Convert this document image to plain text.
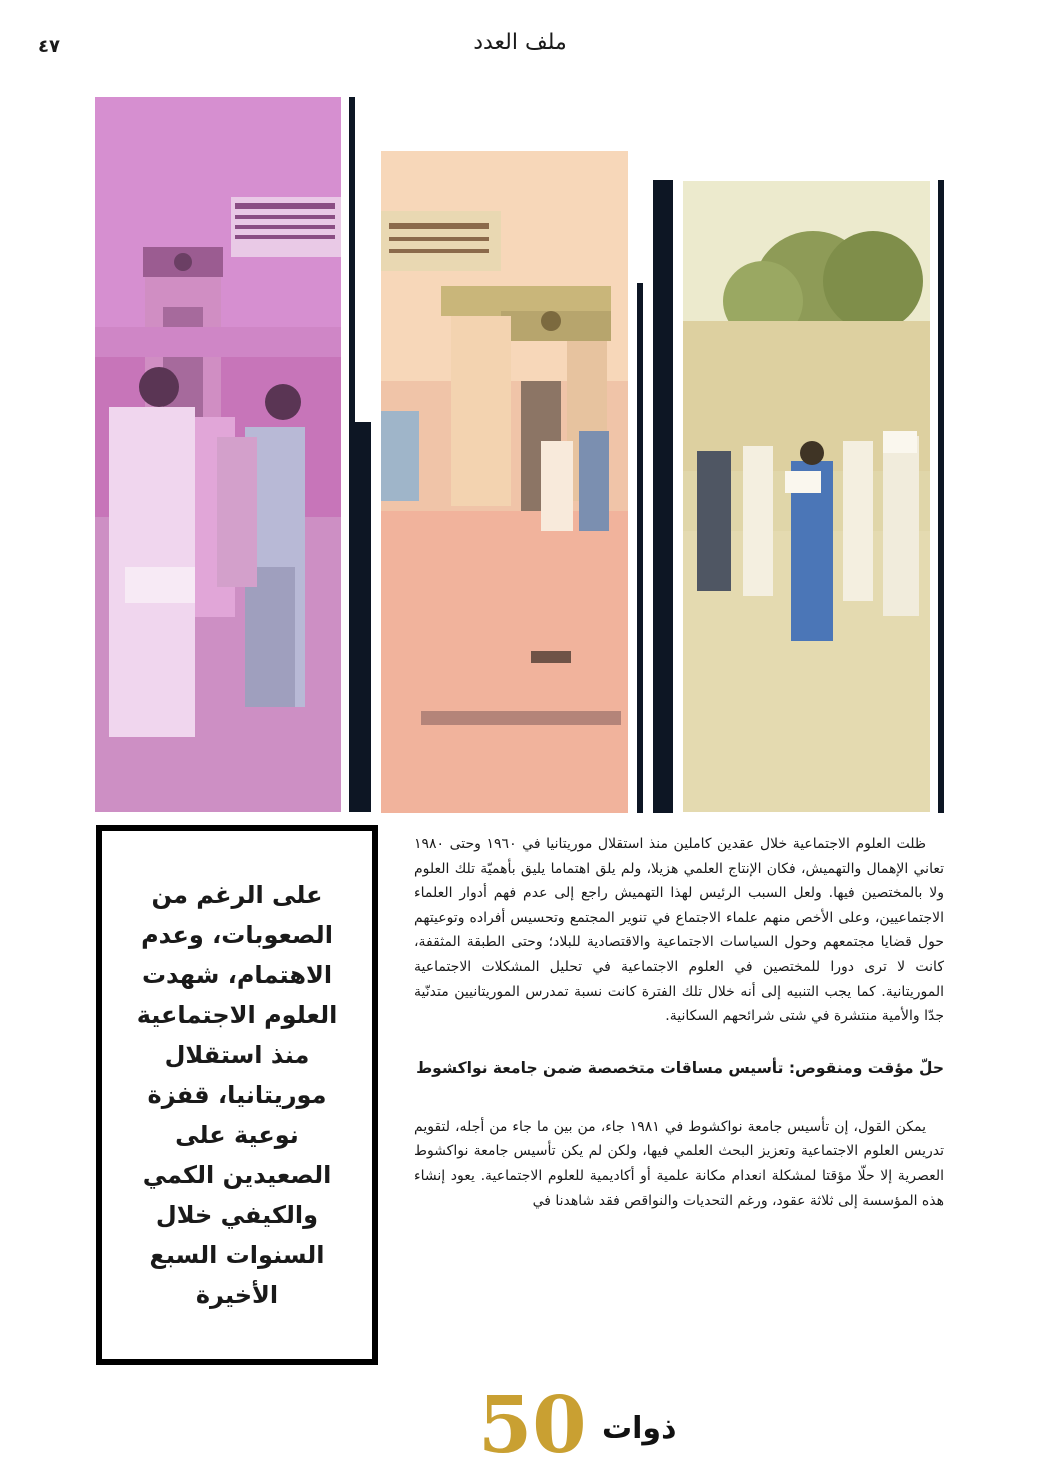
٤٧	ملف العدد
على الرغم من الصعوبات، وعدم الاهتمام، شهدت العلوم الاجتماعية منذ استقلال موريتانيا، قفزة نوعية على الصعيدين الكمي والكيفي خلال السنوات السبع الأخيرة

ظلت العلوم الاجتماعية خلال عقدين كاملين منذ استقلال موريتانيا في ١٩٦٠ وحتى ١٩٨٠ تعاني الإهمال والتهميش، فكان الإنتاج العلمي هزيلا، ولم يلق اهتماما يليق بأهميّة تلك العلوم ولا بالمختصين فيها. ولعل السبب الرئيس لهذا التهميش راجع إلى عدم فهم أدوار العلماء الاجتماعيين، وعلى الأخص منهم علماء الاجتماع في تنوير المجتمع وتحسيس أفراده وتوعيتهم حول قضايا مجتمعهم وحول السياسات الاجتماعية والاقتصادية للبلاد؛ وحتى الطبقة المثقفة، كانت لا ترى دورا للمختصين في العلوم الاجتماعية في تحليل المشكلات الاجتماعية الموريتانية. كما يجب التنبيه إلى أنه خلال تلك الفترة كانت نسبة تمدرس الموريتانيين متدنّية جدّا والأمية منتشرة في شتى شرائحهم السكانية.

حلّ مؤقت ومنقوص: تأسيس مساقات متخصصة ضمن جامعة نواكشوط

يمكن القول، إن تأسيس جامعة نواكشوط في ١٩٨١ جاء، من بين ما جاء من أجله، لتقويم تدريس العلوم الاجتماعية وتعزيز البحث العلمي فيها، ولكن لم يكن تأسيس جامعة نواكشوط العصرية إلا حلّا مؤقتا لمشكلة انعدام مكانة علمية أو أكاديمية للعلوم الاجتماعية. يعود إنشاء هذه المؤسسة إلى ثلاثة عقود، ورغم التحديات والنواقص فقد شاهدنا في

50 ذوات
